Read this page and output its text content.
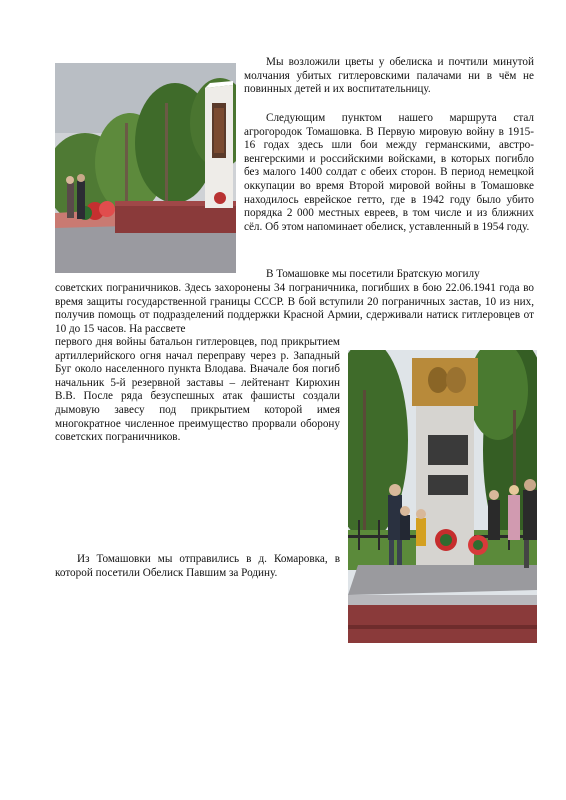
Мы возложили цветы у обелиска и почтили минутой молчания убитых гитлеровскими палачами ни в чём не повинных детей и их воспитательницу.

Следующим пунктом нашего маршрута стал агрогородок Томашовка. В Первую мировую войну в 1915-16 годах здесь шли бои между германскими, австро-венгерскими и российскими войсками, в которых погибло без малого 1400 солдат с обеих сторон. В период немецкой оккупации во время Второй мировой войны в Томашовке находилось еврейское гетто, где в 1942 году было убито порядка 2 000 местных евреев, в том числе и из ближних сёл. Об этом напоминает обелиск, уставленный в 1954 году.

В Томашовке мы посетили Братскую могилу

советских пограничников. Здесь захоронены 34 пограничника, погибших в бою 22.06.1941 года во время защиты государственной границы СССР. В бой вступили 20 пограничных застав, 10 из них, получив помощь от подразделений поддержки Красной Армии, сдерживали натиск гитлеровцев от 10 до 15 часов. На рассвете

первого дня войны батальон гитлеровцев, под прикрытием артиллерийского огня начал переправу через р. Западный Буг около населенного пункта Влодава. Вначале боя погиб начальник 5-й резервной заставы – лейтенант Кирюхин В.В. После ряда безуспешных атак фашисты создали дымовую завесу под прикрытием которой имея многократное численное преимущество прорвали оборону советских пограничников.

Из Томашовки мы отправились в д. Комаровка, в которой посетили Обелиск Павшим за Родину.
